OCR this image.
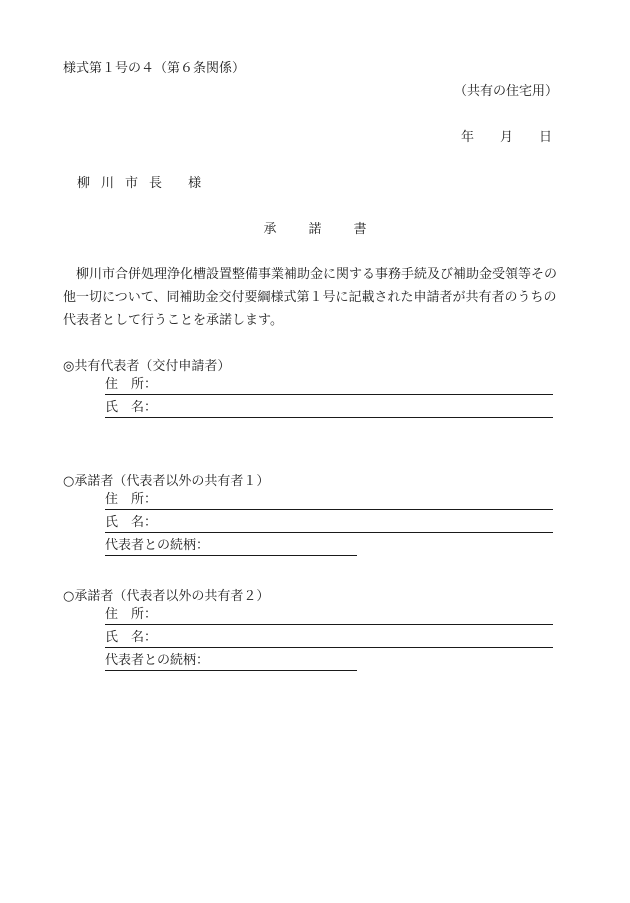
様式第１号の４（第６条関係）
（共有の住宅用）
年 月 日
柳 川 市 長 様
承 諾 書
柳川市合併処理浄化槽設置整備事業補助金に関する事務手続及び補助金受領等その他一切について、同補助金交付要綱様式第１号に記載された申請者が共有者のうちの代表者として行うことを承諾します。
◎共有代表者（交付申請者）
住　所：
氏　名：
○承諾者（代表者以外の共有者１）
住　所：
氏　名：
代表者との続柄：
○承諾者（代表者以外の共有者２）
住　所：
氏　名：
代表者との続柄：
